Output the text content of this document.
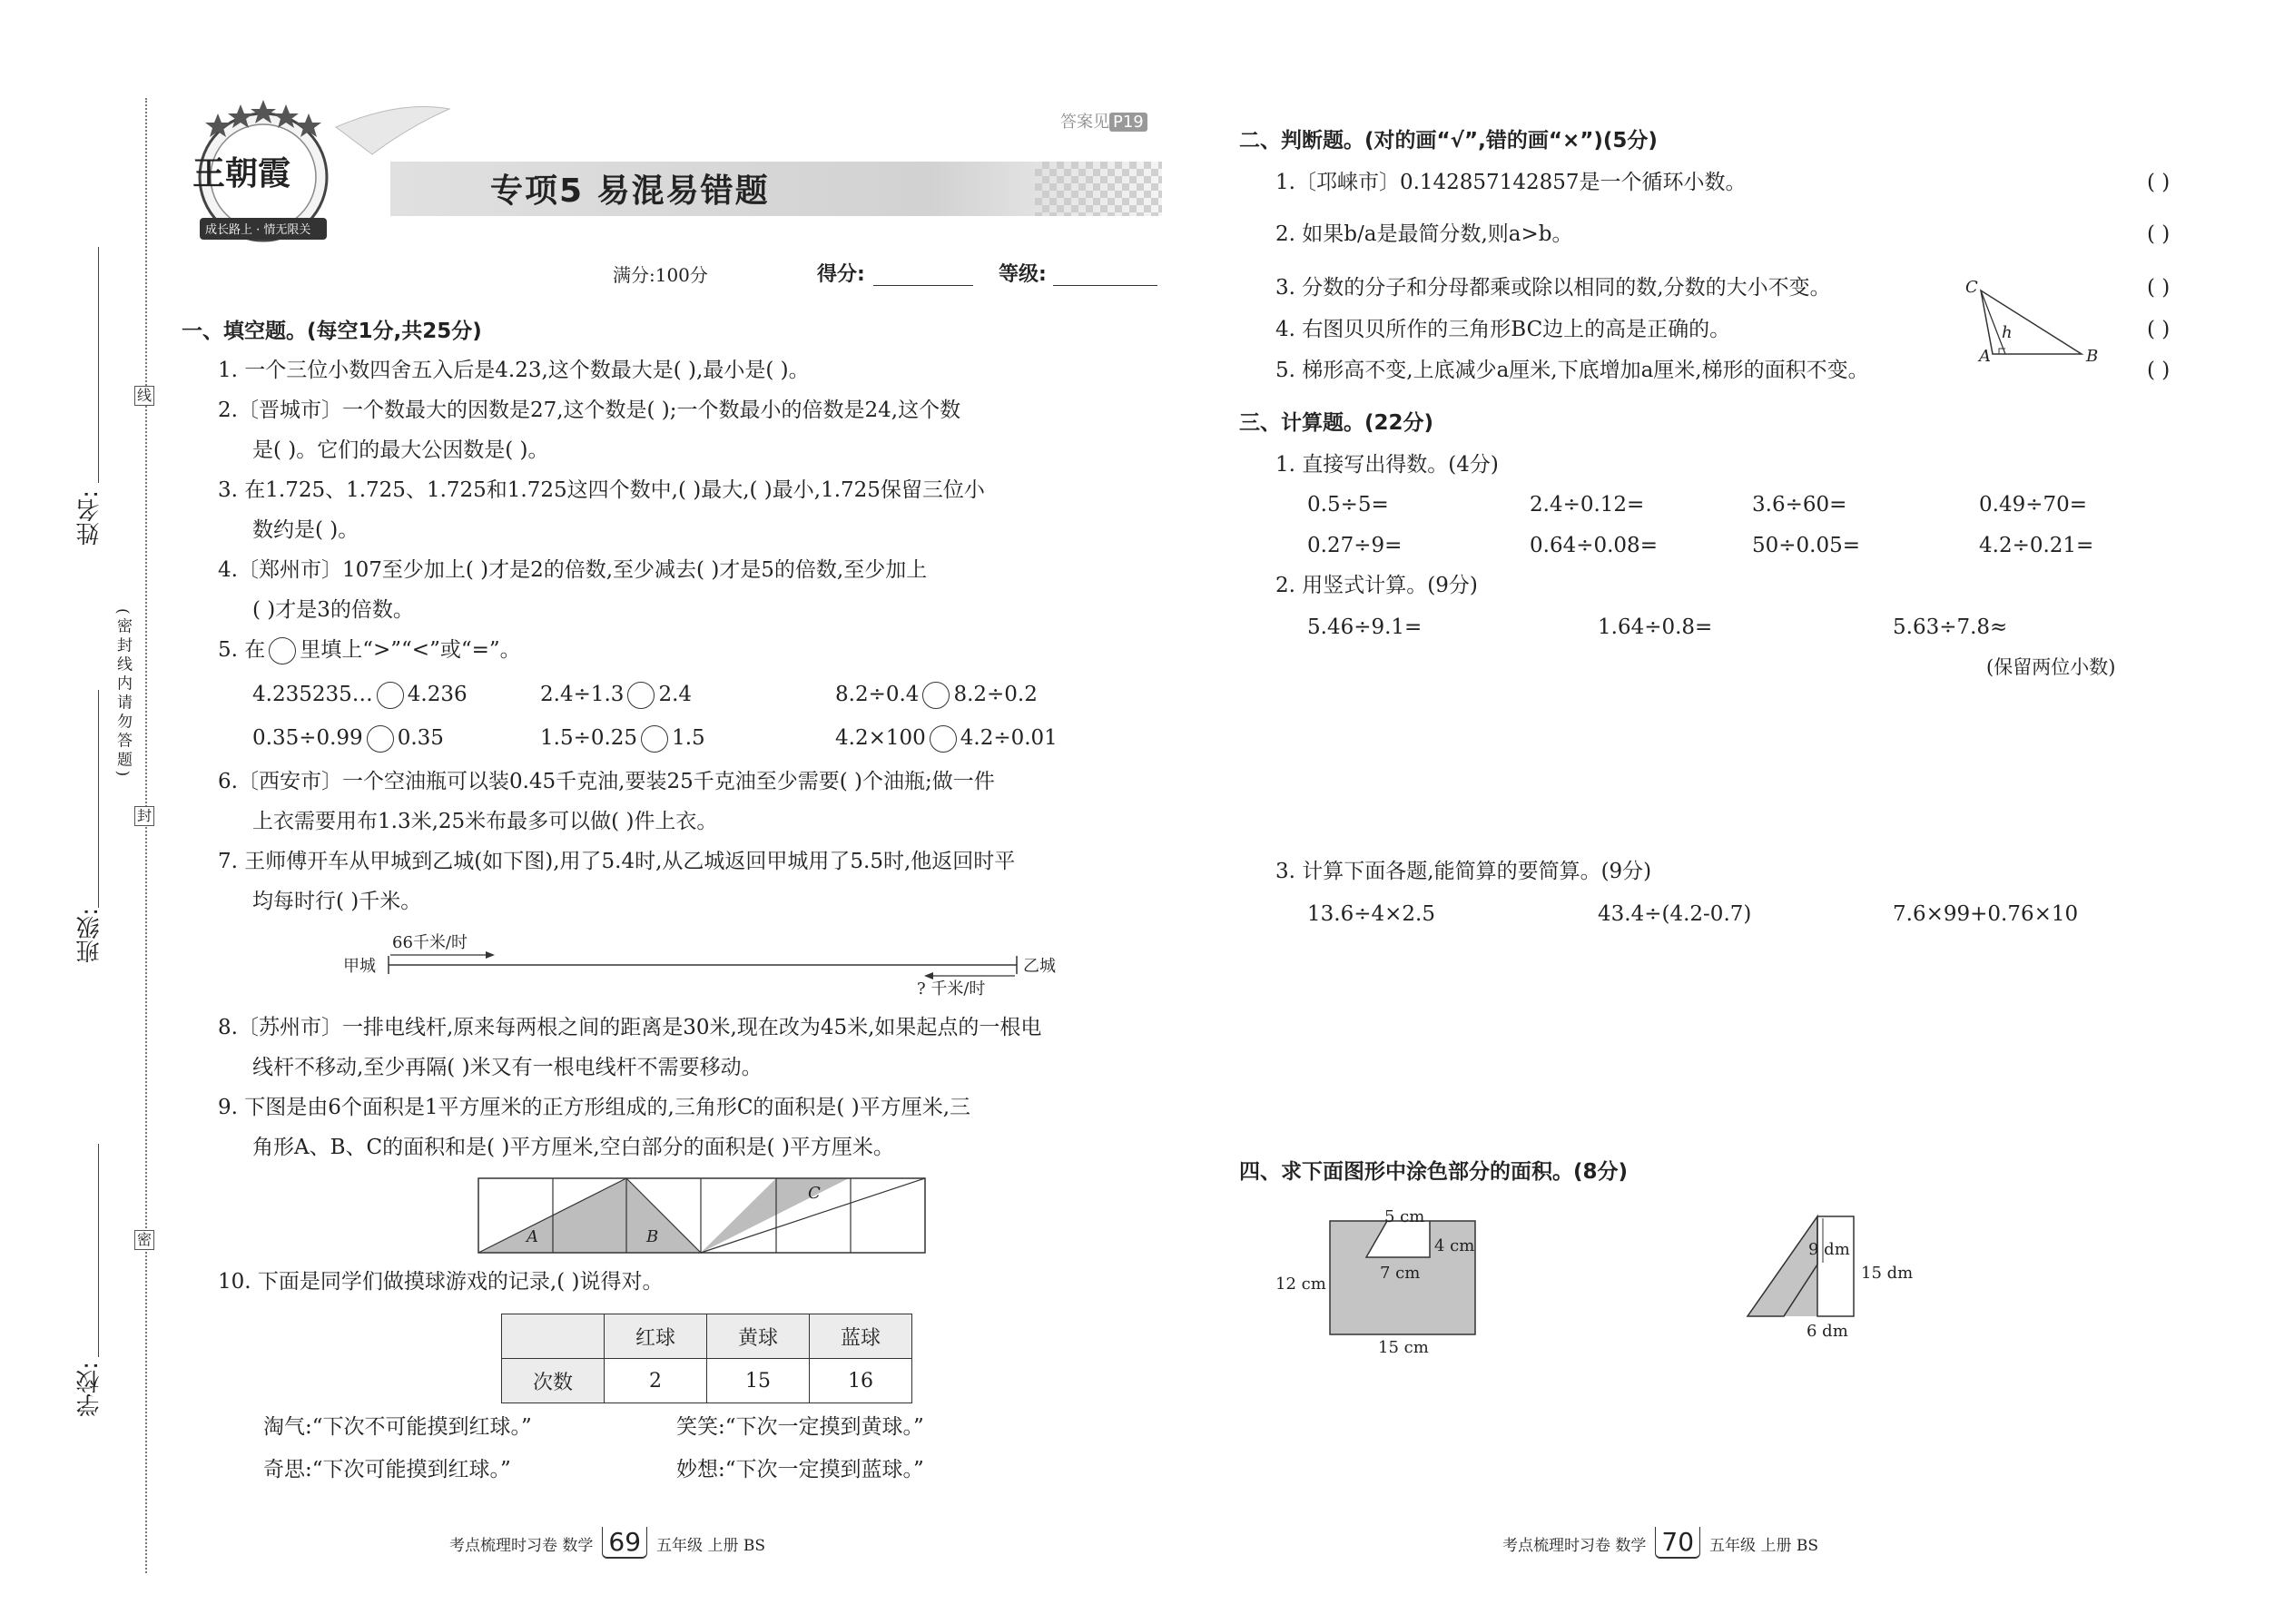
姓名:
班级:
学校:
线
封
密
(密封线内请勿答题)
王朝霞
成长路上 · 情无限关
答案见 P19
专项5 易混易错题
满分:100分	得分:	等级:
一、填空题。(每空1分,共25分)
1. 一个三位小数四舍五入后是4.23,这个数最大是( ),最小是( )。
2.〔晋城市〕一个数最大的因数是27,这个数是( );一个数最小的倍数是24,这个数
是( )。它们的最大公因数是( )。
3. 在1.725、1.725、1.725和1.725这四个数中,( )最大,( )最小,1.725保留三位小
数约是( )。
4.〔郑州市〕107至少加上( )才是2的倍数,至少减去( )才是5的倍数,至少加上
( )才是3的倍数。
5. 在 里填上“>”“<”或“=”。
4.235235… 4.236	2.4÷1.3 2.4	8.2÷0.4 8.2÷0.2
0.35÷0.99 0.35	1.5÷0.25 1.5	4.2×100 4.2÷0.01
6.〔西安市〕一个空油瓶可以装0.45千克油,要装25千克油至少需要( )个油瓶;做一件
上衣需要用布1.3米,25米布最多可以做( )件上衣。
7. 王师傅开车从甲城到乙城(如下图),用了5.4时,从乙城返回甲城用了5.5时,他返回时平
均每时行( )千米。
甲城	乙城
66千米/时
? 千米/时
8.〔苏州市〕一排电线杆,原来每两根之间的距离是30米,现在改为45米,如果起点的一根电
线杆不移动,至少再隔( )米又有一根电线杆不需要移动。
9. 下图是由6个面积是1平方厘米的正方形组成的,三角形C的面积是( )平方厘米,三
角形A、B、C的面积和是( )平方厘米,空白部分的面积是( )平方厘米。
A	B
C
10. 下面是同学们做摸球游戏的记录,( )说得对。
	红球	黄球	蓝球
次数	2	15	16
淘气:“下次不可能摸到红球。”	笑笑:“下次一定摸到黄球。”
奇思:“下次可能摸到红球。”	妙想:“下次一定摸到蓝球。”
考点梳理时习卷 数学 69 五年级 上册 BS
二、判断题。(对的画“√”,错的画“×”)(5分)
1.〔邛崃市〕0.142857142857是一个循环小数。
2. 如果b/a是最简分数,则a>b。
3. 分数的分子和分母都乘或除以相同的数,分数的大小不变。
4. 右图贝贝所作的三角形BC边上的高是正确的。
5. 梯形高不变,上底减少a厘米,下底增加a厘米,梯形的面积不变。
( )
( )
( )
( )
( )
C
h
A	B
三、计算题。(22分)
1. 直接写出得数。(4分)
0.5÷5=	2.4÷0.12=	3.6÷60=	0.49÷70=
0.27÷9=	0.64÷0.08=	50÷0.05=	4.2÷0.21=
2. 用竖式计算。(9分)
5.46÷9.1=	1.64÷0.8=	5.63÷7.8≈
(保留两位小数)
3. 计算下面各题,能简算的要简算。(9分)
13.6÷4×2.5	43.4÷(4.2-0.7)	7.6×99+0.76×10
四、求下面图形中涂色部分的面积。(8分)
5 cm
4 cm
7 cm
12 cm
15 cm
9 dm
15 dm
6 dm
考点梳理时习卷 数学 70 五年级 上册 BS
